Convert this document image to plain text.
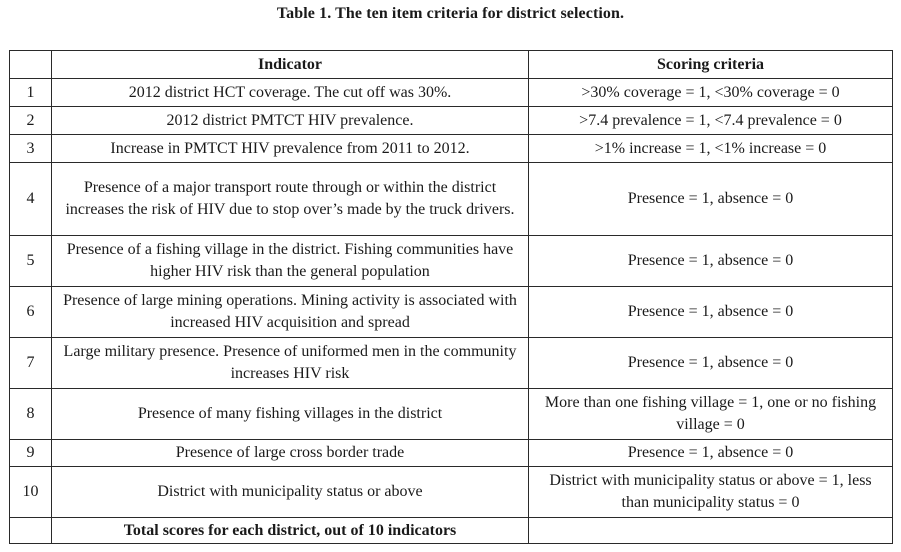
Table 1. The ten item criteria for district selection.
	Indicator	Scoring criteria
1	2012 district HCT coverage. The cut off was 30%.	>30% coverage = 1, <30% coverage = 0
2	2012 district PMTCT HIV prevalence.	>7.4 prevalence = 1, <7.4 prevalence = 0
3	Increase in PMTCT HIV prevalence from 2011 to 2012.	>1% increase = 1, <1% increase = 0
4	Presence of a major transport route through or within the district increases the risk of HIV due to stop over’s made by the truck drivers.	Presence = 1, absence = 0
5	Presence of a fishing village in the district. Fishing communities have higher HIV risk than the general population	Presence = 1, absence = 0
6	Presence of large mining operations. Mining activity is associated with increased HIV acquisition and spread	Presence = 1, absence = 0
7	Large military presence. Presence of uniformed men in the community increases HIV risk	Presence = 1, absence = 0
8	Presence of many fishing villages in the district	More than one fishing village = 1, one or no fishing village = 0
9	Presence of large cross border trade	Presence = 1, absence = 0
10	District with municipality status or above	District with municipality status or above = 1, less than municipality status = 0
	Total scores for each district, out of 10 indicators	
